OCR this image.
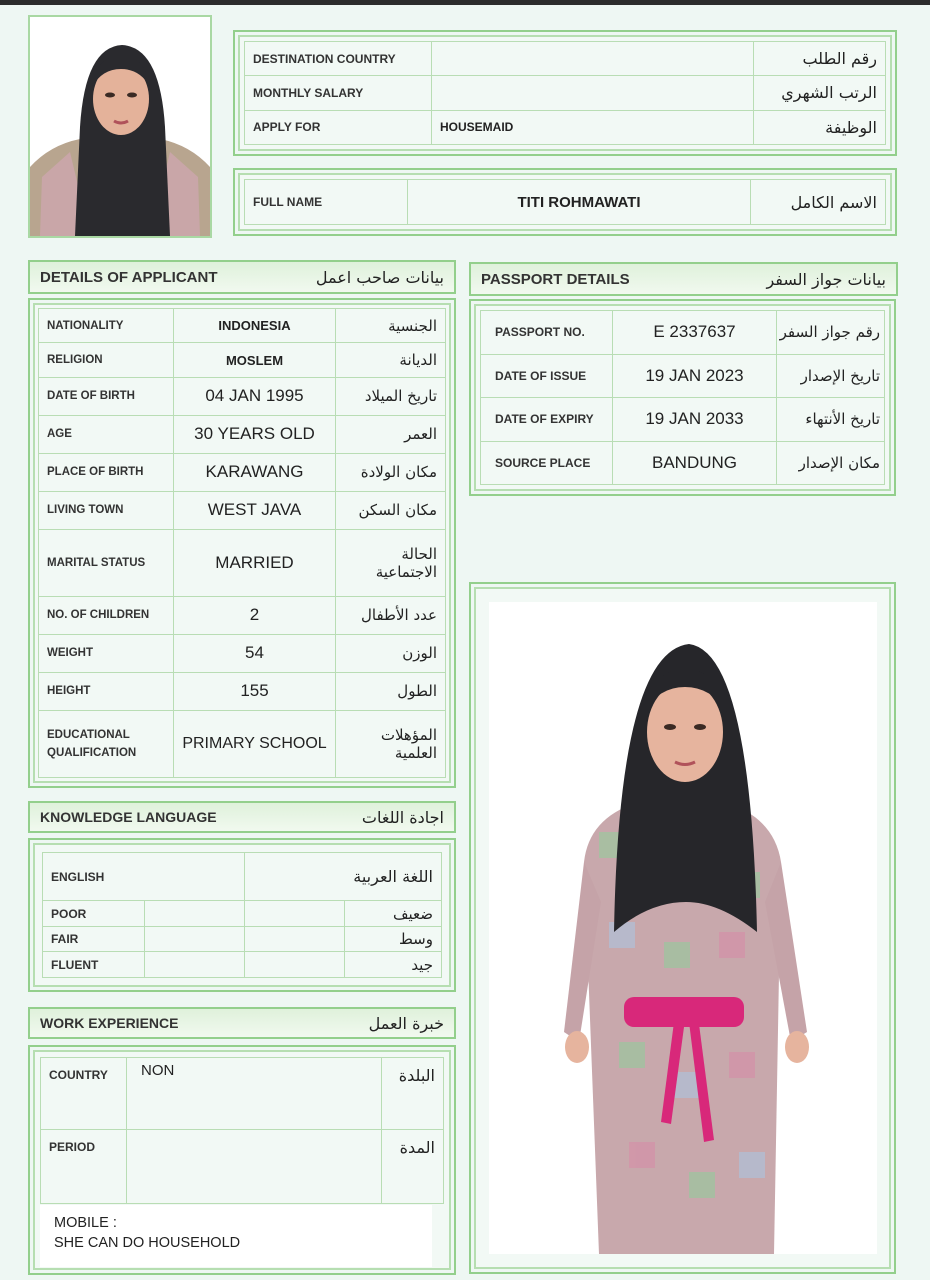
DESTINATION COUNTRY		رقم الطلب
MONTHLY SALARY		الرتب الشهري
APPLY FOR	HOUSEMAID	الوظيفة
FULL NAME	TITI ROHMAWATI	الاسم الكامل
DETAILS OF APPLICANT	بيانات صاحب اعمل
NATIONALITY	INDONESIA	الجنسية
RELIGION	MOSLEM	الديانة
DATE OF BIRTH	04 JAN 1995	تاريخ الميلاد
AGE	30 YEARS OLD	العمر
PLACE OF BIRTH	KARAWANG	مكان الولادة
LIVING TOWN	WEST JAVA	مكان السكن
MARITAL STATUS	MARRIED	الحالة الاجتماعية
NO. OF CHILDREN	2	عدد الأطفال
WEIGHT	54	الوزن
HEIGHT	155	الطول
EDUCATIONAL QUALIFICATION	PRIMARY SCHOOL	المؤهلات العلمية
PASSPORT DETAILS	بيانات جواز السفر
PASSPORT NO.	E 2337637	رقم جواز السفر
DATE OF ISSUE	19 JAN 2023	تاريخ الإصدار
DATE OF EXPIRY	19 JAN 2033	تاريخ الأنتهاء
SOURCE PLACE	BANDUNG	مكان الإصدار
KNOWLEDGE LANGUAGE	اجادة اللغات
ENGLISH		اللغة العربية	
POOR			ضعيف
FAIR			وسط
FLUENT			جيد
WORK EXPERIENCE	خبرة العمل
COUNTRY	NON	البلدة
PERIOD		المدة
MOBILE :
SHE CAN DO HOUSEHOLD
